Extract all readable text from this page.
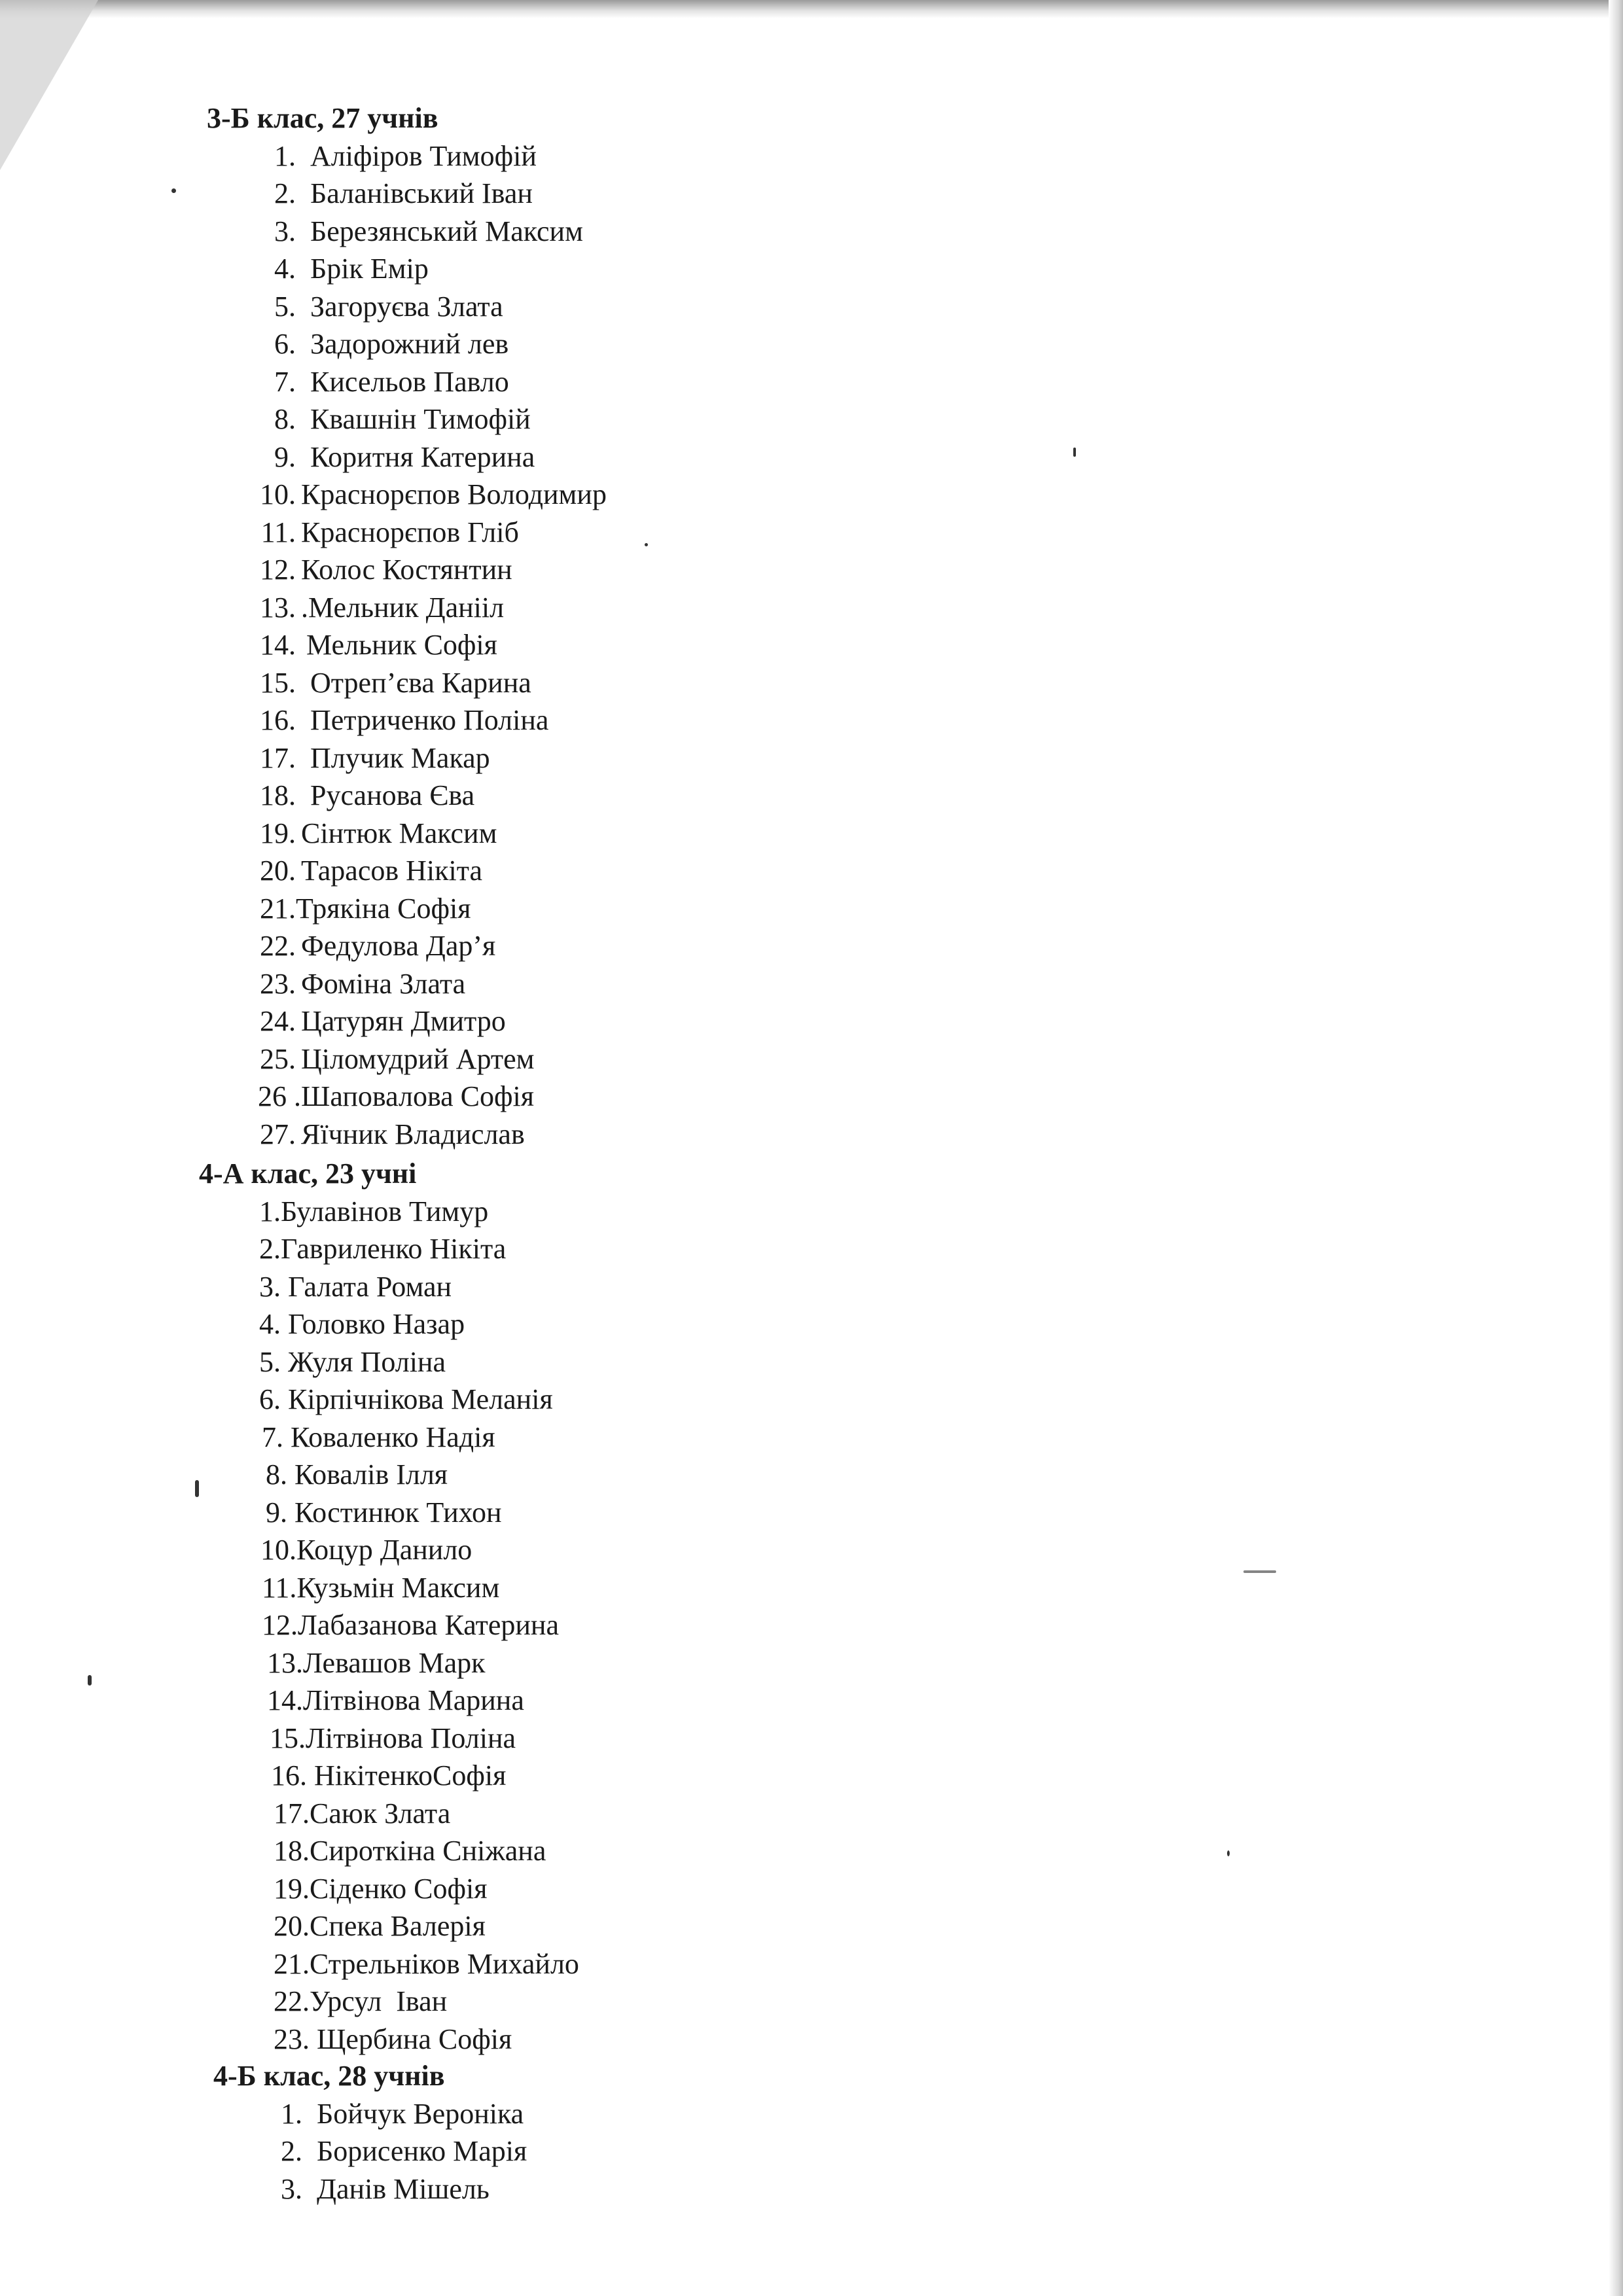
3-Б клас, 27 учнів
1. Аліфіров Тимофій
2. Баланівський Іван
3. Березянський Максим
4. Брік Емір
5. Загоруєва Злата
6. Задорожний лев
7. Кисельов Павло
8. Квашнін Тимофій
9. Коритня Катерина
10. Краснорєпов Володимир
11. Краснорєпов Гліб
12. Колос Костянтин
13. .Мельник Данііл
14. Мельник Софія
15. Отреп’єва Карина
16. Петриченко Поліна
17. Плучик Макар
18. Русанова Єва
19. Сінтюк Максим
20. Тарасов Нікіта
21. Трякіна Софія
22. Федулова Дар’я
23. Фоміна Злата
24. Цатурян Дмитро
25. Ціломудрий Артем
26 . Шаповалова Софія
27. Яїчник Владислав
4-А клас, 23 учні
1.Булавінов Тимур
2.Гавриленко Нікіта
3. Галата Роман
4. Головко Назар
5. Жуля Поліна
6. Кірпічнікова Меланія
7. Коваленко Надія
8. Ковалів Ілля
9. Костинюк Тихон
10.Коцур Данило
11.Кузьмін Максим
12.Лабазанова Катерина
13.Левашов Марк
14.Літвінова Марина
15.Літвінова Поліна
16. НікітенкоСофія
17.Саюк Злата
18.Сироткіна Сніжана
19.Сіденко Софія
20.Спека Валерія
21.Стрельніков Михайло
22.Урсул  Іван
23. Щербина Софія
4-Б клас, 28 учнів
1. Бойчук Вероніка
2. Борисенко Марія
3. Данів Мішель
